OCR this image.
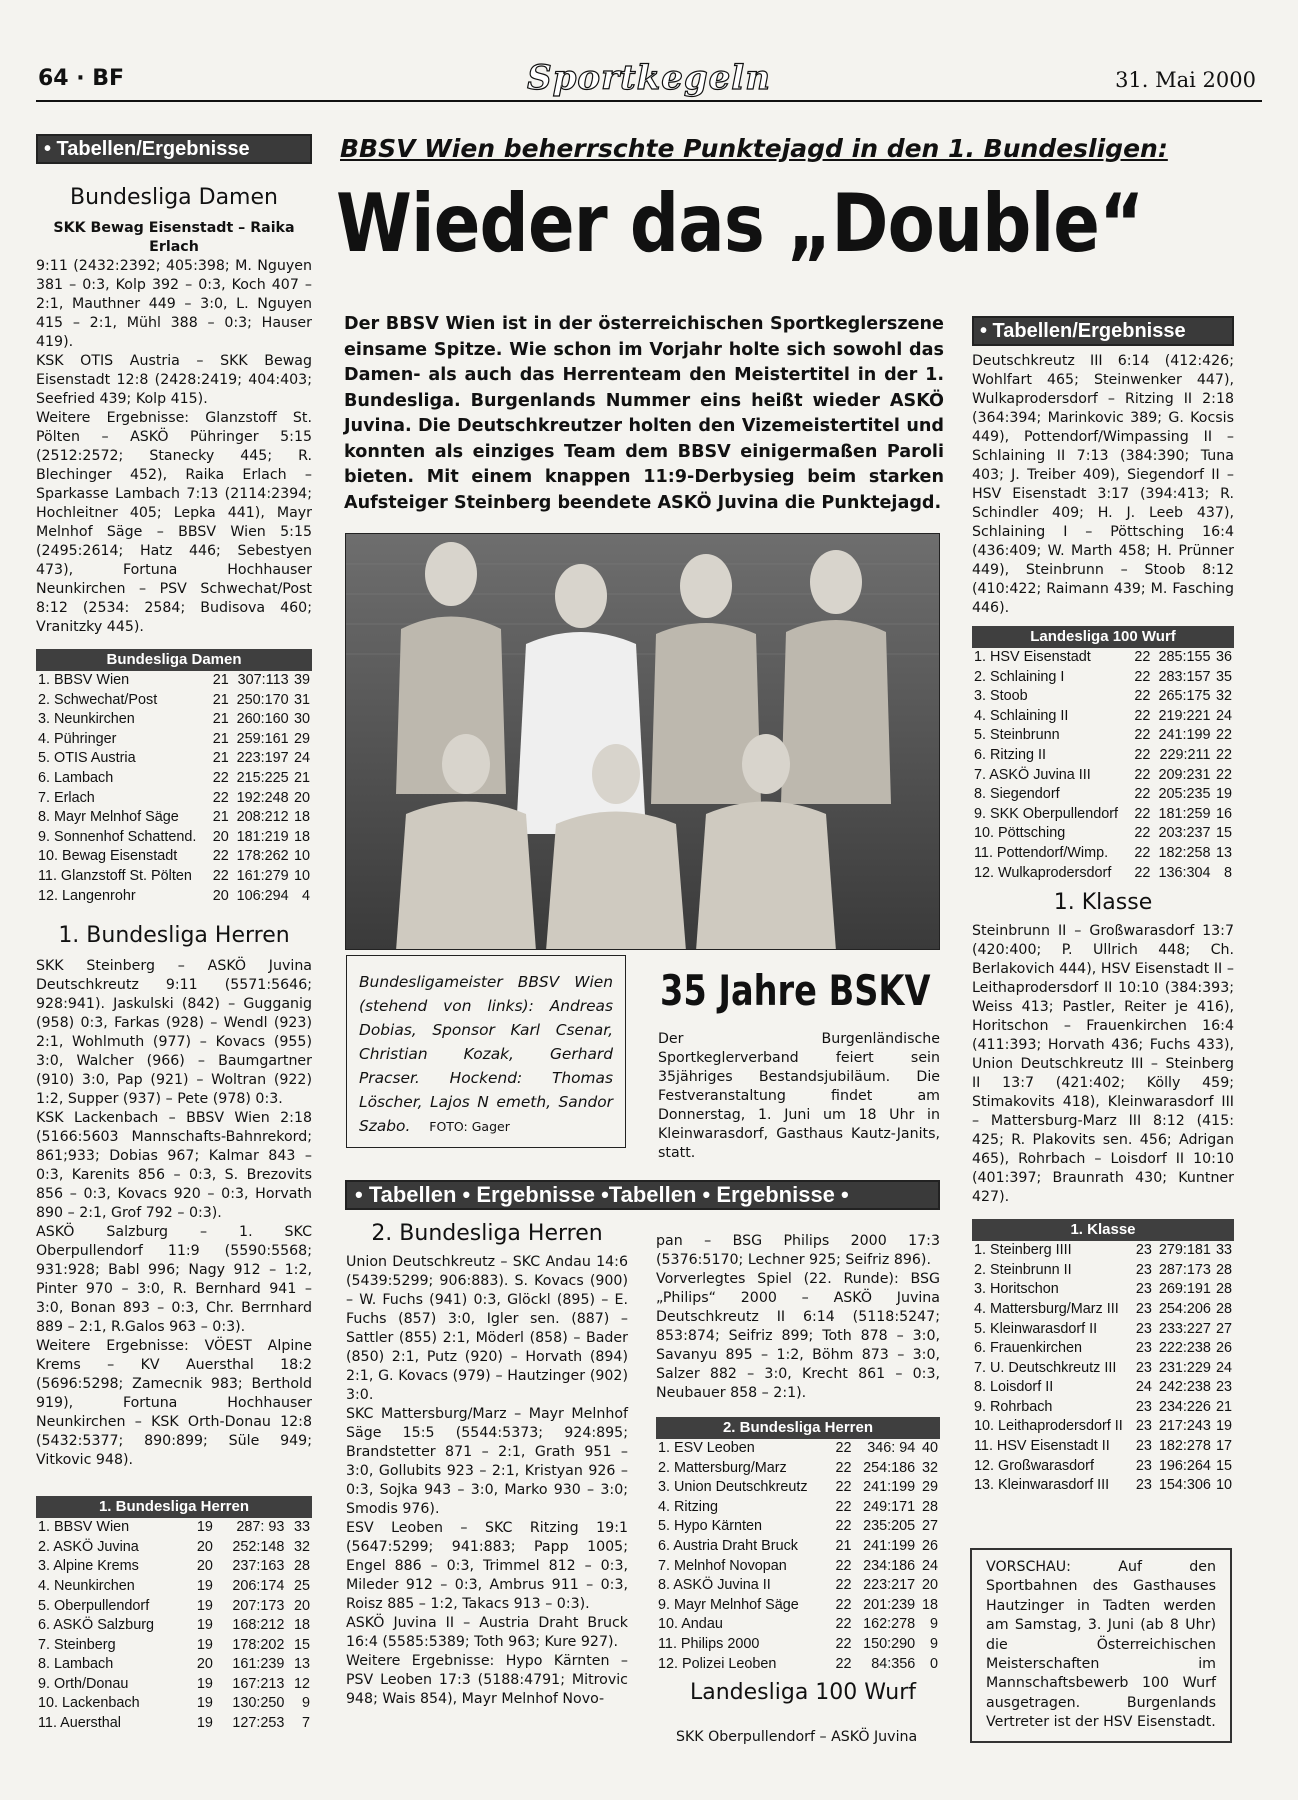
64 · BF	Sportkegeln	31. Mai 2000
• Tabellen/Ergebnisse
Bundesliga Damen

SKK Bewag Eisenstadt – Raika Erlach

9:11 (2432:2392; 405:398; M. Nguyen 381 – 0:3, Kolp 392 – 0:3, Koch 407 – 2:1, Mauthner 449 – 3:0, L. Nguyen 415 – 2:1, Mühl 388 – 0:3; Hauser 419).

KSK OTIS Austria – SKK Bewag Eisenstadt 12:8 (2428:2419; 404:403; Seefried 439; Kolp 415).

Weitere Ergebnisse: Glanzstoff St. Pölten – ASKÖ Pühringer 5:15 (2512:2572; Stanecky 445; R. Blechinger 452), Raika Erlach – Sparkasse Lambach 7:13 (2114:2394; Hochleitner 405; Lepka 441), Mayr Melnhof Säge – BBSV Wien 5:15 (2495:2614; Hatz 446; Sebestyen 473), Fortuna Hochhauser Neunkirchen – PSV Schwechat/Post 8:12 (2534: 2584; Budisova 460; Vranitzky 445).

Bundesliga Damen
1. BBSV Wien	21	307:113	39
2. Schwechat/Post	21	250:170	31
3. Neunkirchen	21	260:160	30
4. Pühringer	21	259:161	29
5. OTIS Austria	21	223:197	24
6. Lambach	22	215:225	21
7. Erlach	22	192:248	20
8. Mayr Melnhof Säge	21	208:212	18
9. Sonnenhof Schattend.	20	181:219	18
10. Bewag Eisenstadt	22	178:262	10
11. Glanzstoff St. Pölten	22	161:279	10
12. Langenrohr	20	106:294	4
1. Bundesliga Herren

SKK Steinberg – ASKÖ Juvina Deutschkreutz 9:11 (5571:5646; 928:941). Jaskulski (842) – Gugganig (958) 0:3, Farkas (928) – Wendl (923) 2:1, Wohlmuth (977) – Kovacs (955) 3:0, Walcher (966) – Baumgartner (910) 3:0, Pap (921) – Woltran (922) 1:2, Supper (937) – Pete (978) 0:3.

KSK Lackenbach – BBSV Wien 2:18 (5166:5603 Mannschafts-Bahnrekord; 861;933; Dobias 967; Kalmar 843 – 0:3, Karenits 856 – 0:3, S. Brezovits 856 – 0:3, Kovacs 920 – 0:3, Horvath 890 – 2:1, Grof 792 – 0:3).

ASKÖ Salzburg – 1. SKC Oberpullendorf 11:9 (5590:5568; 931:928; Babl 996; Nagy 912 – 1:2, Pinter 970 – 3:0, R. Bernhard 941 – 3:0, Bonan 893 – 0:3, Chr. Berrnhard 889 – 2:1, R.Galos 963 – 0:3).

Weitere Ergebnisse: VÖEST Alpine Krems – KV Auersthal 18:2 (5696:5298; Zamecnik 983; Berthold 919), Fortuna Hochhauser Neunkirchen – KSK Orth-Donau 12:8 (5432:5377; 890:899; Süle 949; Vitkovic 948).

1. Bundesliga Herren
1. BBSV Wien	19	287: 93	33
2. ASKÖ Juvina	20	252:148	32
3. Alpine Krems	20	237:163	28
4. Neunkirchen	19	206:174	25
5. Oberpullendorf	19	207:173	20
6. ASKÖ Salzburg	19	168:212	18
7. Steinberg	19	178:202	15
8. Lambach	20	161:239	13
9. Orth/Donau	19	167:213	12
10. Lackenbach	19	130:250	9
11. Auersthal	19	127:253	7
BBSV Wien beherrschte Punktejagd in den 1. Bundesligen:
Wieder das „Double“
Der BBSV Wien ist in der österreichischen Sportkeglerszene einsame Spitze. Wie schon im Vorjahr holte sich sowohl das Damen- als auch das Herrenteam den Meistertitel in der 1. Bundesliga. Burgenlands Nummer eins heißt wieder ASKÖ Juvina. Die Deutschkreutzer holten den Vizemeistertitel und konnten als einziges Team dem BBSV einigermaßen Paroli bieten. Mit einem knappen 11:9-Derbysieg beim starken Aufsteiger Steinberg beendete ASKÖ Juvina die Punktejagd.
Bundesligameister BBSV Wien (stehend von links): Andreas Dobias, Sponsor Karl Csenar, Christian Kozak, Gerhard Pracser. Hockend: Thomas Löscher, Lajos N emeth, Sandor Szabo. FOTO: Gager
35 Jahre BSKV
Der Burgenländische Sportkeglerverband feiert sein 35jähriges Bestandsjubiläum. Die Festveranstaltung findet am Donnerstag, 1. Juni um 18 Uhr in Kleinwarasdorf, Gasthaus Kautz-Janits, statt.
• Tabellen • Ergebnisse •Tabellen • Ergebnisse •
2. Bundesliga Herren

Union Deutschkreutz – SKC Andau 14:6 (5439:5299; 906:883). S. Kovacs (900) – W. Fuchs (941) 0:3, Glöckl (895) – E. Fuchs (857) 3:0, Igler sen. (887) – Sattler (855) 2:1, Möderl (858) – Bader (850) 2:1, Putz (920) – Horvath (894) 2:1, G. Kovacs (979) – Hautzinger (902) 3:0.

SKC Mattersburg/Marz – Mayr Melnhof Säge 15:5 (5544:5373; 924:895; Brandstetter 871 – 2:1, Grath 951 – 3:0, Gollubits 923 – 2:1, Kristyan 926 – 0:3, Sojka 943 – 3:0, Marko 930 – 3:0; Smodis 976).

ESV Leoben – SKC Ritzing 19:1 (5647:5299; 941:883; Papp 1005; Engel 886 – 0:3, Trimmel 812 – 0:3, Mileder 912 – 0:3, Ambrus 911 – 0:3, Roisz 885 – 1:2, Takacs 913 – 0:3).

ASKÖ Juvina II – Austria Draht Bruck 16:4 (5585:5389; Toth 963; Kure 927).

Weitere Ergebnisse: Hypo Kärnten – PSV Leoben 17:3 (5188:4791; Mitrovic 948; Wais 854), Mayr Melnhof Novo-

pan – BSG Philips 2000 17:3 (5376:5170; Lechner 925; Seifriz 896).

Vorverlegtes Spiel (22. Runde): BSG „Philips“ 2000 – ASKÖ Juvina Deutschkreutz II 6:14 (5118:5247; 853:874; Seifriz 899; Toth 878 – 3:0, Savanyu 895 – 1:2, Böhm 873 – 3:0, Salzer 882 – 3:0, Krecht 861 – 0:3, Neubauer 858 – 2:1).

2. Bundesliga Herren
1. ESV Leoben	22	346: 94	40
2. Mattersburg/Marz	22	254:186	32
3. Union Deutschkreutz	22	241:199	29
4. Ritzing	22	249:171	28
5. Hypo Kärnten	22	235:205	27
6. Austria Draht Bruck	21	241:199	26
7. Melnhof Novopan	22	234:186	24
8. ASKÖ Juvina II	22	223:217	20
9. Mayr Melnhof Säge	22	201:239	18
10. Andau	22	162:278	9
11. Philips 2000	22	150:290	9
12. Polizei Leoben	22	84:356	0
Landesliga 100 Wurf
SKK Oberpullendorf – ASKÖ Juvina
• Tabellen/Ergebnisse

Deutschkreutz III 6:14 (412:426; Wohlfart 465; Steinwenker 447), Wulkaprodersdorf – Ritzing II 2:18 (364:394; Marinkovic 389; G. Kocsis 449), Pottendorf/Wimpassing II – Schlaining II 7:13 (384:390; Tuna 403; J. Treiber 409), Siegendorf II – HSV Eisenstadt 3:17 (394:413; R. Schindler 409; H. J. Leeb 437), Schlaining I – Pöttsching 16:4 (436:409; W. Marth 458; H. Prünner 449), Steinbrunn – Stoob 8:12 (410:422; Raimann 439; M. Fasching 446).

Landesliga 100 Wurf
1. HSV Eisenstadt	22	285:155	36
2. Schlaining I	22	283:157	35
3. Stoob	22	265:175	32
4. Schlaining II	22	219:221	24
5. Steinbrunn	22	241:199	22
6. Ritzing II	22	229:211	22
7. ASKÖ Juvina III	22	209:231	22
8. Siegendorf	22	205:235	19
9. SKK Oberpullendorf	22	181:259	16
10. Pöttsching	22	203:237	15
11. Pottendorf/Wimp.	22	182:258	13
12. Wulkaprodersdorf	22	136:304	8
1. Klasse

Steinbrunn II – Großwarasdorf 13:7 (420:400; P. Ullrich 448; Ch. Berlakovich 444), HSV Eisenstadt II – Leithaprodersdorf II 10:10 (384:393; Weiss 413; Pastler, Reiter je 416), Horitschon – Frauenkirchen 16:4 (411:393; Horvath 436; Fuchs 433), Union Deutschkreutz III – Steinberg II 13:7 (421:402; Kölly 459; Stimakovits 418), Kleinwarasdorf III – Mattersburg-Marz III 8:12 (415: 425; R. Plakovits sen. 456; Adrigan 465), Rohrbach – Loisdorf II 10:10 (401:397; Braunrath 430; Kuntner 427).

1. Klasse
1. Steinberg IIII	23	279:181	33
2. Steinbrunn II	23	287:173	28
3. Horitschon	23	269:191	28
4. Mattersburg/Marz III	23	254:206	28
5. Kleinwarasdorf II	23	233:227	27
6. Frauenkirchen	23	222:238	26
7. U. Deutschkreutz III	23	231:229	24
8. Loisdorf II	24	242:238	23
9. Rohrbach	23	234:226	21
10. Leithaprodersdorf II	23	217:243	19
11. HSV Eisenstadt II	23	182:278	17
12. Großwarasdorf	23	196:264	15
13. Kleinwarasdorf III	23	154:306	10
VORSCHAU: Auf den Sportbahnen des Gasthauses Hautzinger in Tadten werden am Samstag, 3. Juni (ab 8 Uhr) die Österreichischen Meisterschaften im Mannschaftsbewerb 100 Wurf ausgetragen. Burgenlands Vertreter ist der HSV Eisenstadt.
